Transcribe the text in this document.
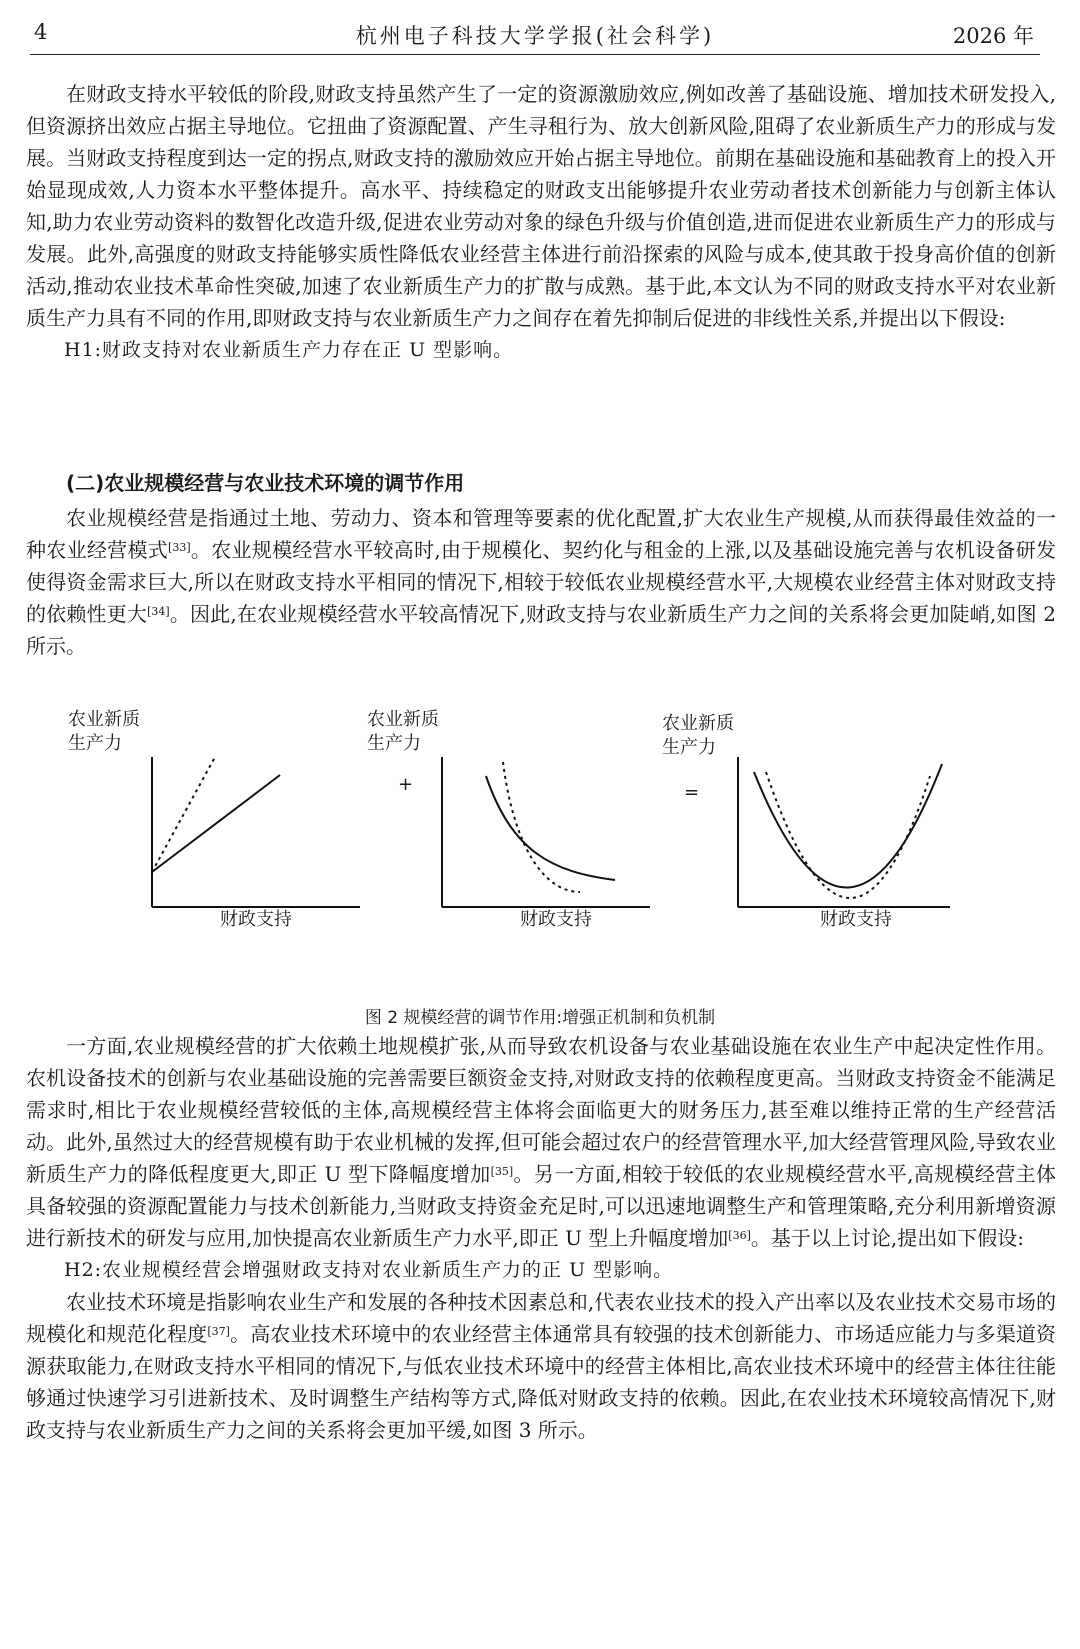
4	杭州电子科技大学学报(社会科学)	2026 年

在财政支持水平较低的阶段,财政支持虽然产生了一定的资源激励效应,例如改善了基础设施、增加技术研发投入,但资源挤出效应占据主导地位。它扭曲了资源配置、产生寻租行为、放大创新风险,阻碍了农业新质生产力的形成与发展。当财政支持程度到达一定的拐点,财政支持的激励效应开始占据主导地位。前期在基础设施和基础教育上的投入开始显现成效,人力资本水平整体提升。高水平、持续稳定的财政支出能够提升农业劳动者技术创新能力与创新主体认知,助力农业劳动资料的数智化改造升级,促进农业劳动对象的绿色升级与价值创造,进而促进农业新质生产力的形成与发展。此外,高强度的财政支持能够实质性降低农业经营主体进行前沿探索的风险与成本,使其敢于投身高价值的创新活动,推动农业技术革命性突破,加速了农业新质生产力的扩散与成熟。基于此,本文认为不同的财政支持水平对农业新质生产力具有不同的作用,即财政支持与农业新质生产力之间存在着先抑制后促进的非线性关系,并提出以下假设:

H1:财政支持对农业新质生产力存在正 U 型影响。

(二)农业规模经营与农业技术环境的调节作用

农业规模经营是指通过土地、劳动力、资本和管理等要素的优化配置,扩大农业生产规模,从而获得最佳效益的一种农业经营模式[33]。农业规模经营水平较高时,由于规模化、契约化与租金的上涨,以及基础设施完善与农机设备研发使得资金需求巨大,所以在财政支持水平相同的情况下,相较于较低农业规模经营水平,大规模农业经营主体对财政支持的依赖性更大[34]。因此,在农业规模经营水平较高情况下,财政支持与农业新质生产力之间的关系将会更加陡峭,如图 2 所示。

农业新质
生产力
财政支持
农业新质
生产力
+
财政支持
农业新质
生产力
=
财政支持
图 2 规模经营的调节作用:增强正机制和负机制

一方面,农业规模经营的扩大依赖土地规模扩张,从而导致农机设备与农业基础设施在农业生产中起决定性作用。农机设备技术的创新与农业基础设施的完善需要巨额资金支持,对财政支持的依赖程度更高。当财政支持资金不能满足需求时,相比于农业规模经营较低的主体,高规模经营主体将会面临更大的财务压力,甚至难以维持正常的生产经营活动。此外,虽然过大的经营规模有助于农业机械的发挥,但可能会超过农户的经营管理水平,加大经营管理风险,导致农业新质生产力的降低程度更大,即正 U 型下降幅度增加[35]。另一方面,相较于较低的农业规模经营水平,高规模经营主体具备较强的资源配置能力与技术创新能力,当财政支持资金充足时,可以迅速地调整生产和管理策略,充分利用新增资源进行新技术的研发与应用,加快提高农业新质生产力水平,即正 U 型上升幅度增加[36]。基于以上讨论,提出如下假设:

H2:农业规模经营会增强财政支持对农业新质生产力的正 U 型影响。

农业技术环境是指影响农业生产和发展的各种技术因素总和,代表农业技术的投入产出率以及农业技术交易市场的规模化和规范化程度[37]。高农业技术环境中的农业经营主体通常具有较强的技术创新能力、市场适应能力与多渠道资源获取能力,在财政支持水平相同的情况下,与低农业技术环境中的经营主体相比,高农业技术环境中的经营主体往往能够通过快速学习引进新技术、及时调整生产结构等方式,降低对财政支持的依赖。因此,在农业技术环境较高情况下,财政支持与农业新质生产力之间的关系将会更加平缓,如图 3 所示。
